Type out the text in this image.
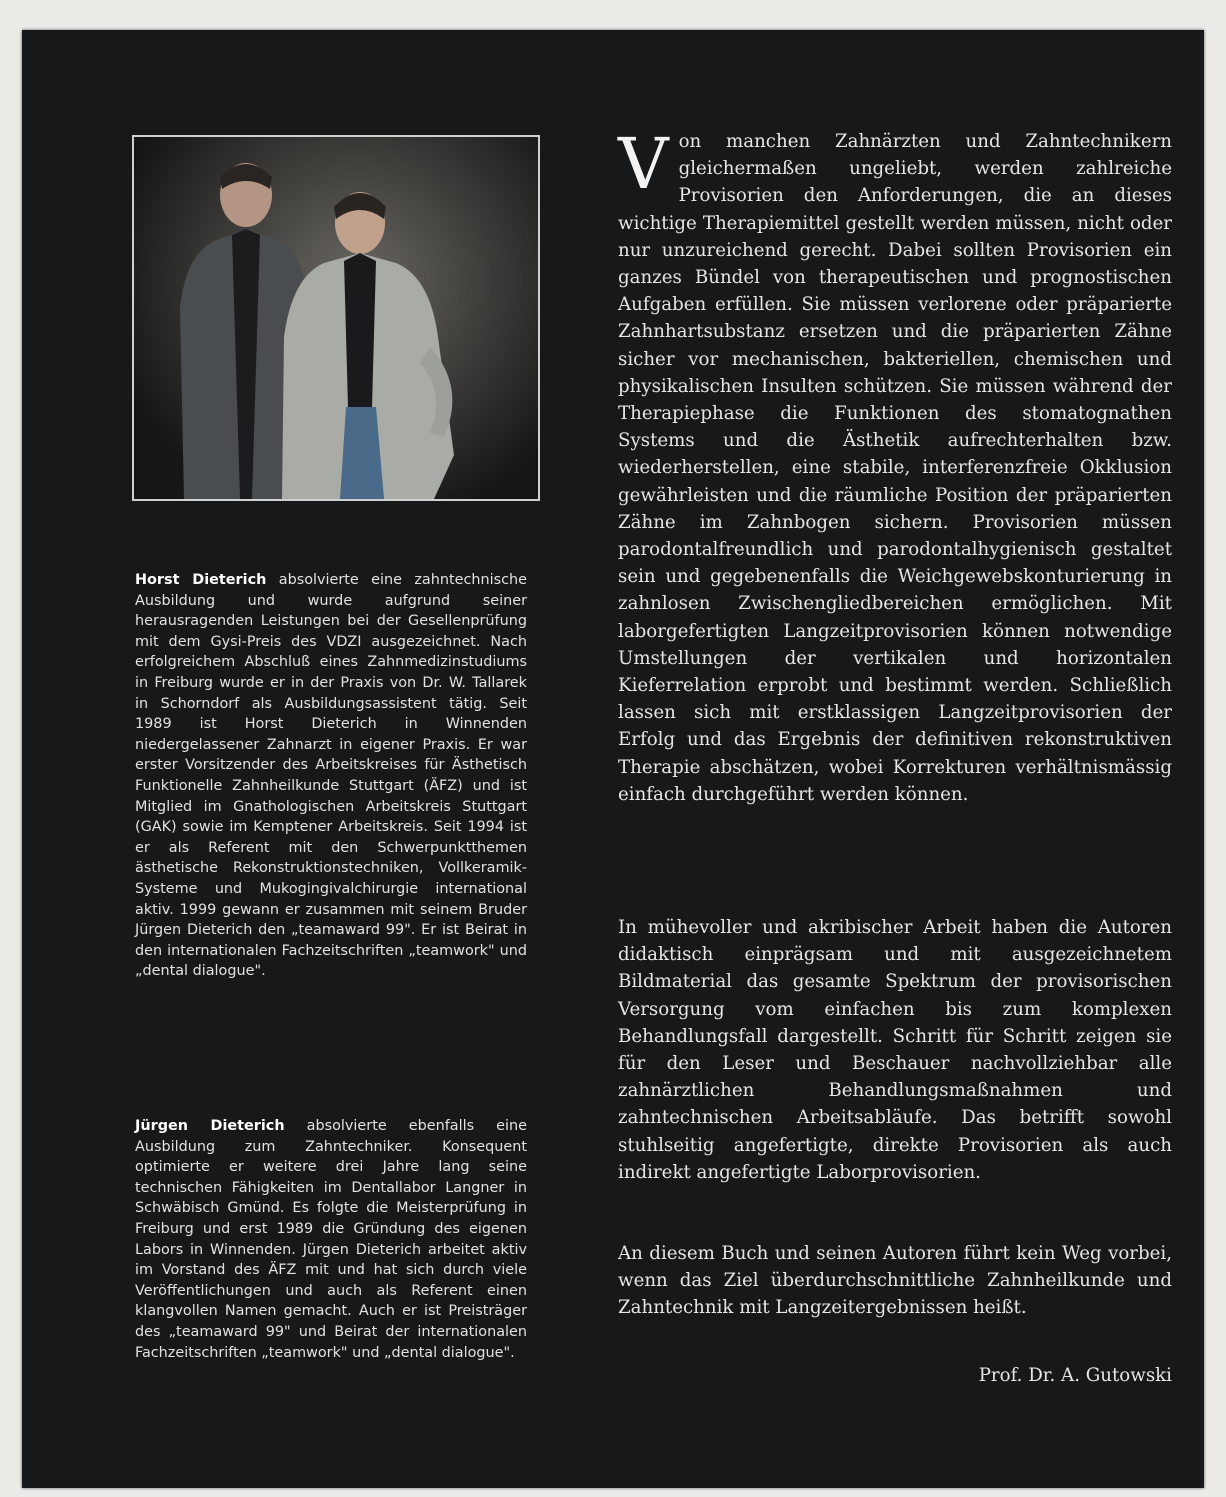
Horst Dieterich absolvierte eine zahntechnische Ausbildung und wurde aufgrund seiner herausragenden Leistungen bei der Gesellenprüfung mit dem Gysi-Preis des VDZI ausgezeichnet. Nach erfolgreichem Abschluß eines Zahnmedizinstudiums in Freiburg wurde er in der Praxis von Dr. W. Tallarek in Schorndorf als Ausbildungsassistent tätig. Seit 1989 ist Horst Dieterich in Winnenden niedergelassener Zahnarzt in eigener Praxis. Er war erster Vorsitzender des Arbeitskreises für Ästhetisch Funktionelle Zahnheilkunde Stuttgart (ÄFZ) und ist Mitglied im Gnathologischen Arbeitskreis Stuttgart (GAK) sowie im Kemptener Arbeitskreis. Seit 1994 ist er als Referent mit den Schwerpunktthemen ästhetische Rekonstruktionstechniken, Vollkeramik-Systeme und Mukogingivalchirurgie international aktiv. 1999 gewann er zusammen mit seinem Bruder Jürgen Dieterich den „teamaward 99". Er ist Beirat in den internationalen Fachzeitschriften „teamwork" und „dental dialogue".

Jürgen Dieterich absolvierte ebenfalls eine Ausbildung zum Zahntechniker. Konsequent optimierte er weitere drei Jahre lang seine technischen Fähigkeiten im Dentallabor Langner in Schwäbisch Gmünd. Es folgte die Meisterprüfung in Freiburg und erst 1989 die Gründung des eigenen Labors in Winnenden. Jürgen Dieterich arbeitet aktiv im Vorstand des ÄFZ mit und hat sich durch viele Veröffentlichungen und auch als Referent einen klangvollen Namen gemacht. Auch er ist Preisträger des „teamaward 99" und Beirat der internationalen Fachzeitschriften „teamwork" und „dental dialogue".

Von manchen Zahnärzten und Zahntechnikern gleichermaßen ungeliebt, werden zahlreiche Provisorien den Anforderungen, die an dieses wichtige Therapiemittel gestellt werden müssen, nicht oder nur unzureichend gerecht. Dabei sollten Provisorien ein ganzes Bündel von therapeutischen und prognostischen Aufgaben erfüllen. Sie müssen verlorene oder präparierte Zahnhartsubstanz ersetzen und die präparierten Zähne sicher vor mechanischen, bakteriellen, chemischen und physikalischen Insulten schützen. Sie müssen während der Therapiephase die Funktionen des stomatognathen Systems und die Ästhetik aufrechterhalten bzw. wiederherstellen, eine stabile, interferenzfreie Okklusion gewährleisten und die räumliche Position der präparierten Zähne im Zahnbogen sichern. Provisorien müssen parodontalfreundlich und parodontalhygienisch gestaltet sein und gegebenenfalls die Weichgewebskonturierung in zahnlosen Zwischengliedbereichen ermöglichen. Mit laborgefertigten Langzeitprovisorien können notwendige Umstellungen der vertikalen und horizontalen Kieferrelation erprobt und bestimmt werden. Schließlich lassen sich mit erstklassigen Langzeitprovisorien der Erfolg und das Ergebnis der definitiven rekonstruktiven Therapie abschätzen, wobei Korrekturen verhältnismässig einfach durchgeführt werden können.

In mühevoller und akribischer Arbeit haben die Autoren didaktisch einprägsam und mit ausgezeichnetem Bildmaterial das gesamte Spektrum der provisorischen Versorgung vom einfachen bis zum komplexen Behandlungsfall dargestellt. Schritt für Schritt zeigen sie für den Leser und Beschauer nachvollziehbar alle zahnärztlichen Behandlungsmaßnahmen und zahntechnischen Arbeitsabläufe. Das betrifft sowohl stuhlseitig angefertigte, direkte Provisorien als auch indirekt angefertigte Laborprovisorien.

An diesem Buch und seinen Autoren führt kein Weg vorbei, wenn das Ziel überdurchschnittliche Zahnheilkunde und Zahntechnik mit Langzeitergebnissen heißt.

Prof. Dr. A. Gutowski
